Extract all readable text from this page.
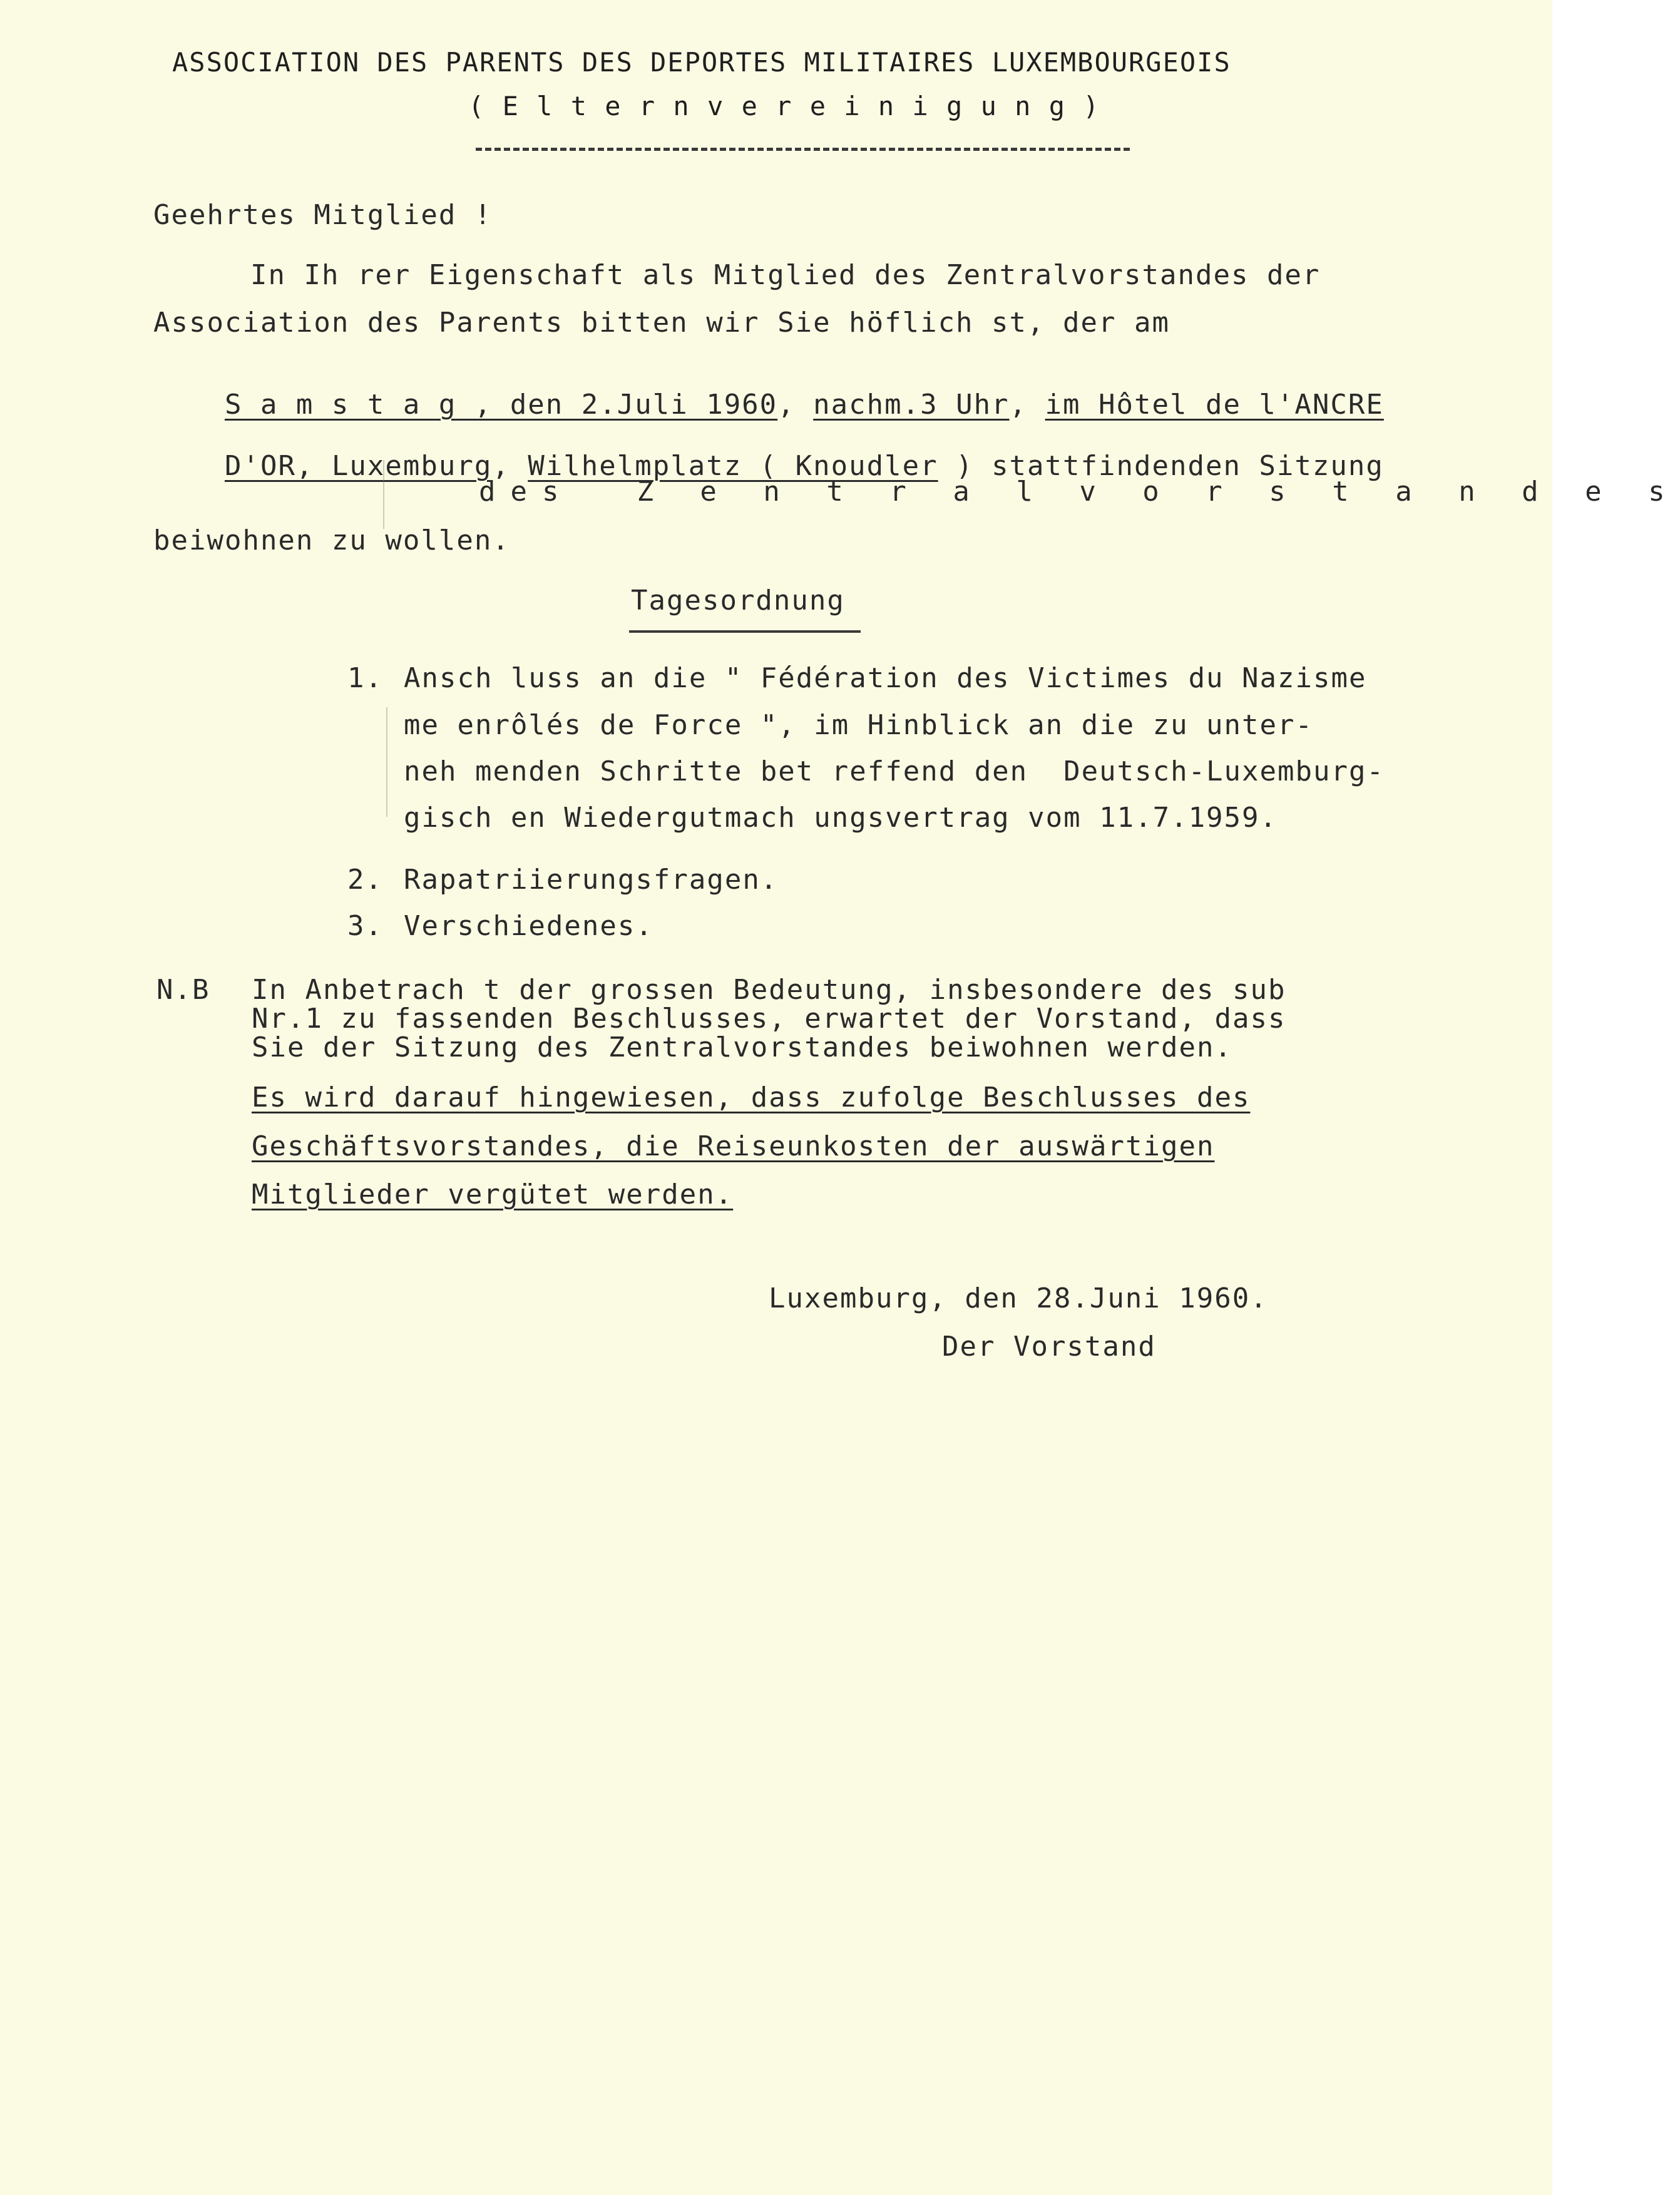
ASSOCIATION DES PARENTS DES DEPORTES MILITAIRES LUXEMBOURGEOIS
( E l t e r n v e r e i n i g u n g )
Geehrtes Mitglied !
In Ih rer Eigenschaft als Mitglied des Zentralvorstandes der
Association des Parents bitten wir Sie höflich st, der am

S a m s t a g , den 2.Juli 1960, nachm.3 Uhr, im Hôtel de l'ANCRE

D'OR, Luxemburg, Wilhelmplatz ( Knoudler ) stattfindenden Sitzung

des  Z e n t r a l v o r s t a n d e s
beiwohnen zu wollen.
Tagesordnung
1. Ansch luss an die " Fédération des Victimes du Nazisme
me enrôlés de Force ", im Hinblick an die zu unter-
neh menden Schritte bet reffend den  Deutsch-Luxemburg-
gisch en Wiedergutmach ungsvertrag vom 11.7.1959.
2. Rapatriierungsfragen.
3. Verschiedenes.
N.B In Anbetrach t der grossen Bedeutung, insbesondere des sub
Nr.1 zu fassenden Beschlusses, erwartet der Vorstand, dass
Sie der Sitzung des Zentralvorstandes beiwohnen werden.
Es wird darauf hingewiesen, dass zufolge Beschlusses des
Geschäftsvorstandes, die Reiseunkosten der auswärtigen
Mitglieder vergütet werden.
Luxemburg, den 28.Juni 1960.
Der Vorstand
